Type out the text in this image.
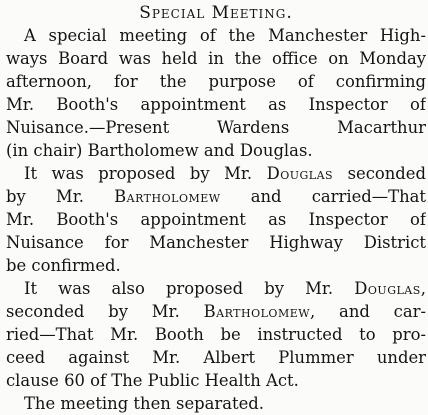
Special Meeting.
A special meeting of the Manchester High-
ways Board was held in the office on Monday
afternoon, for the purpose of confirming
Mr. Booth's appointment as Inspector of
Nuisance.—Present Wardens Macarthur
(in chair) Bartholomew and Douglas.
It was proposed by Mr. Douglas seconded
by Mr. Bartholomew and carried—That
Mr. Booth's appointment as Inspector of
Nuisance for Manchester Highway District
be confirmed.
It was also proposed by Mr. Douglas,
seconded by Mr. Bartholomew, and car-
ried—That Mr. Booth be instructed to pro-
ceed against Mr. Albert Plummer under
clause 60 of The Public Health Act.
The meeting then separated.
